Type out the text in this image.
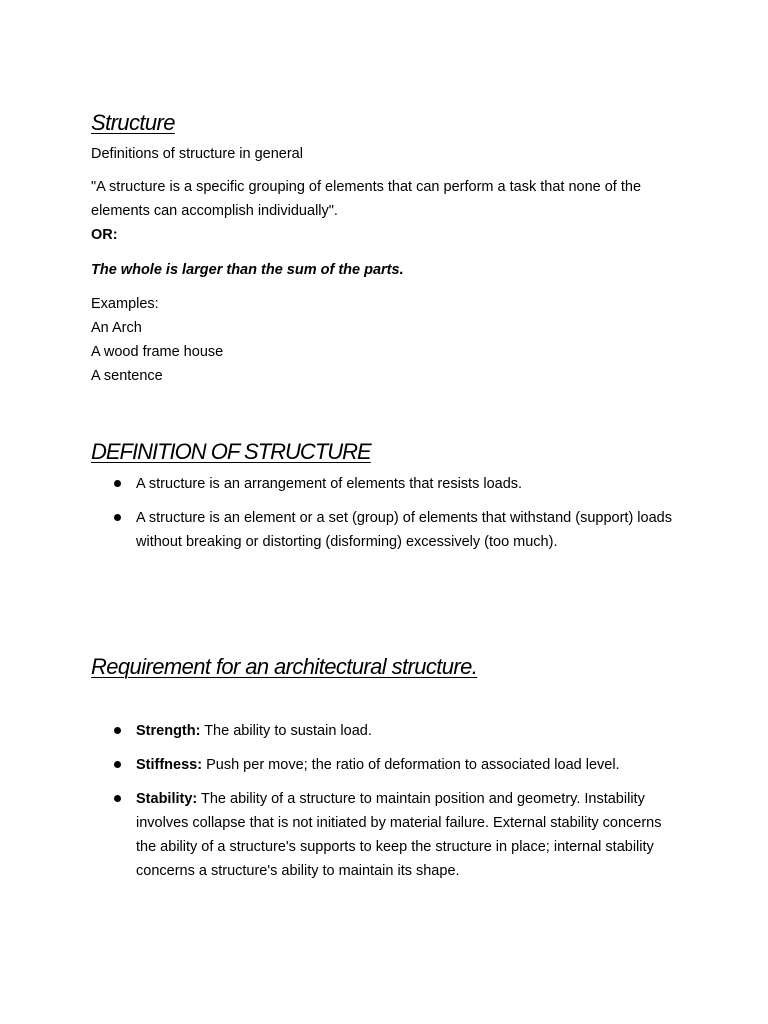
Structure

Definitions of structure in general

"A structure is a specific grouping of elements that can perform a task that none of the elements can accomplish individually".

OR:

The whole is larger than the sum of the parts.

Examples:

An Arch

A wood frame house

A sentence

DEFINITION OF STRUCTURE

A structure is an arrangement of elements that resists loads.

A structure is an element or a set (group) of elements that withstand (support) loads without breaking or distorting (disforming) excessively (too much).

Requirement for an architectural structure.

Strength: The ability to sustain load.

Stiffness: Push per move; the ratio of deformation to associated load level.

Stability: The ability of a structure to maintain position and geometry. Instability involves collapse that is not initiated by material failure. External stability concerns the ability of a structure's supports to keep the structure in place; internal stability concerns a structure's ability to maintain its shape.
